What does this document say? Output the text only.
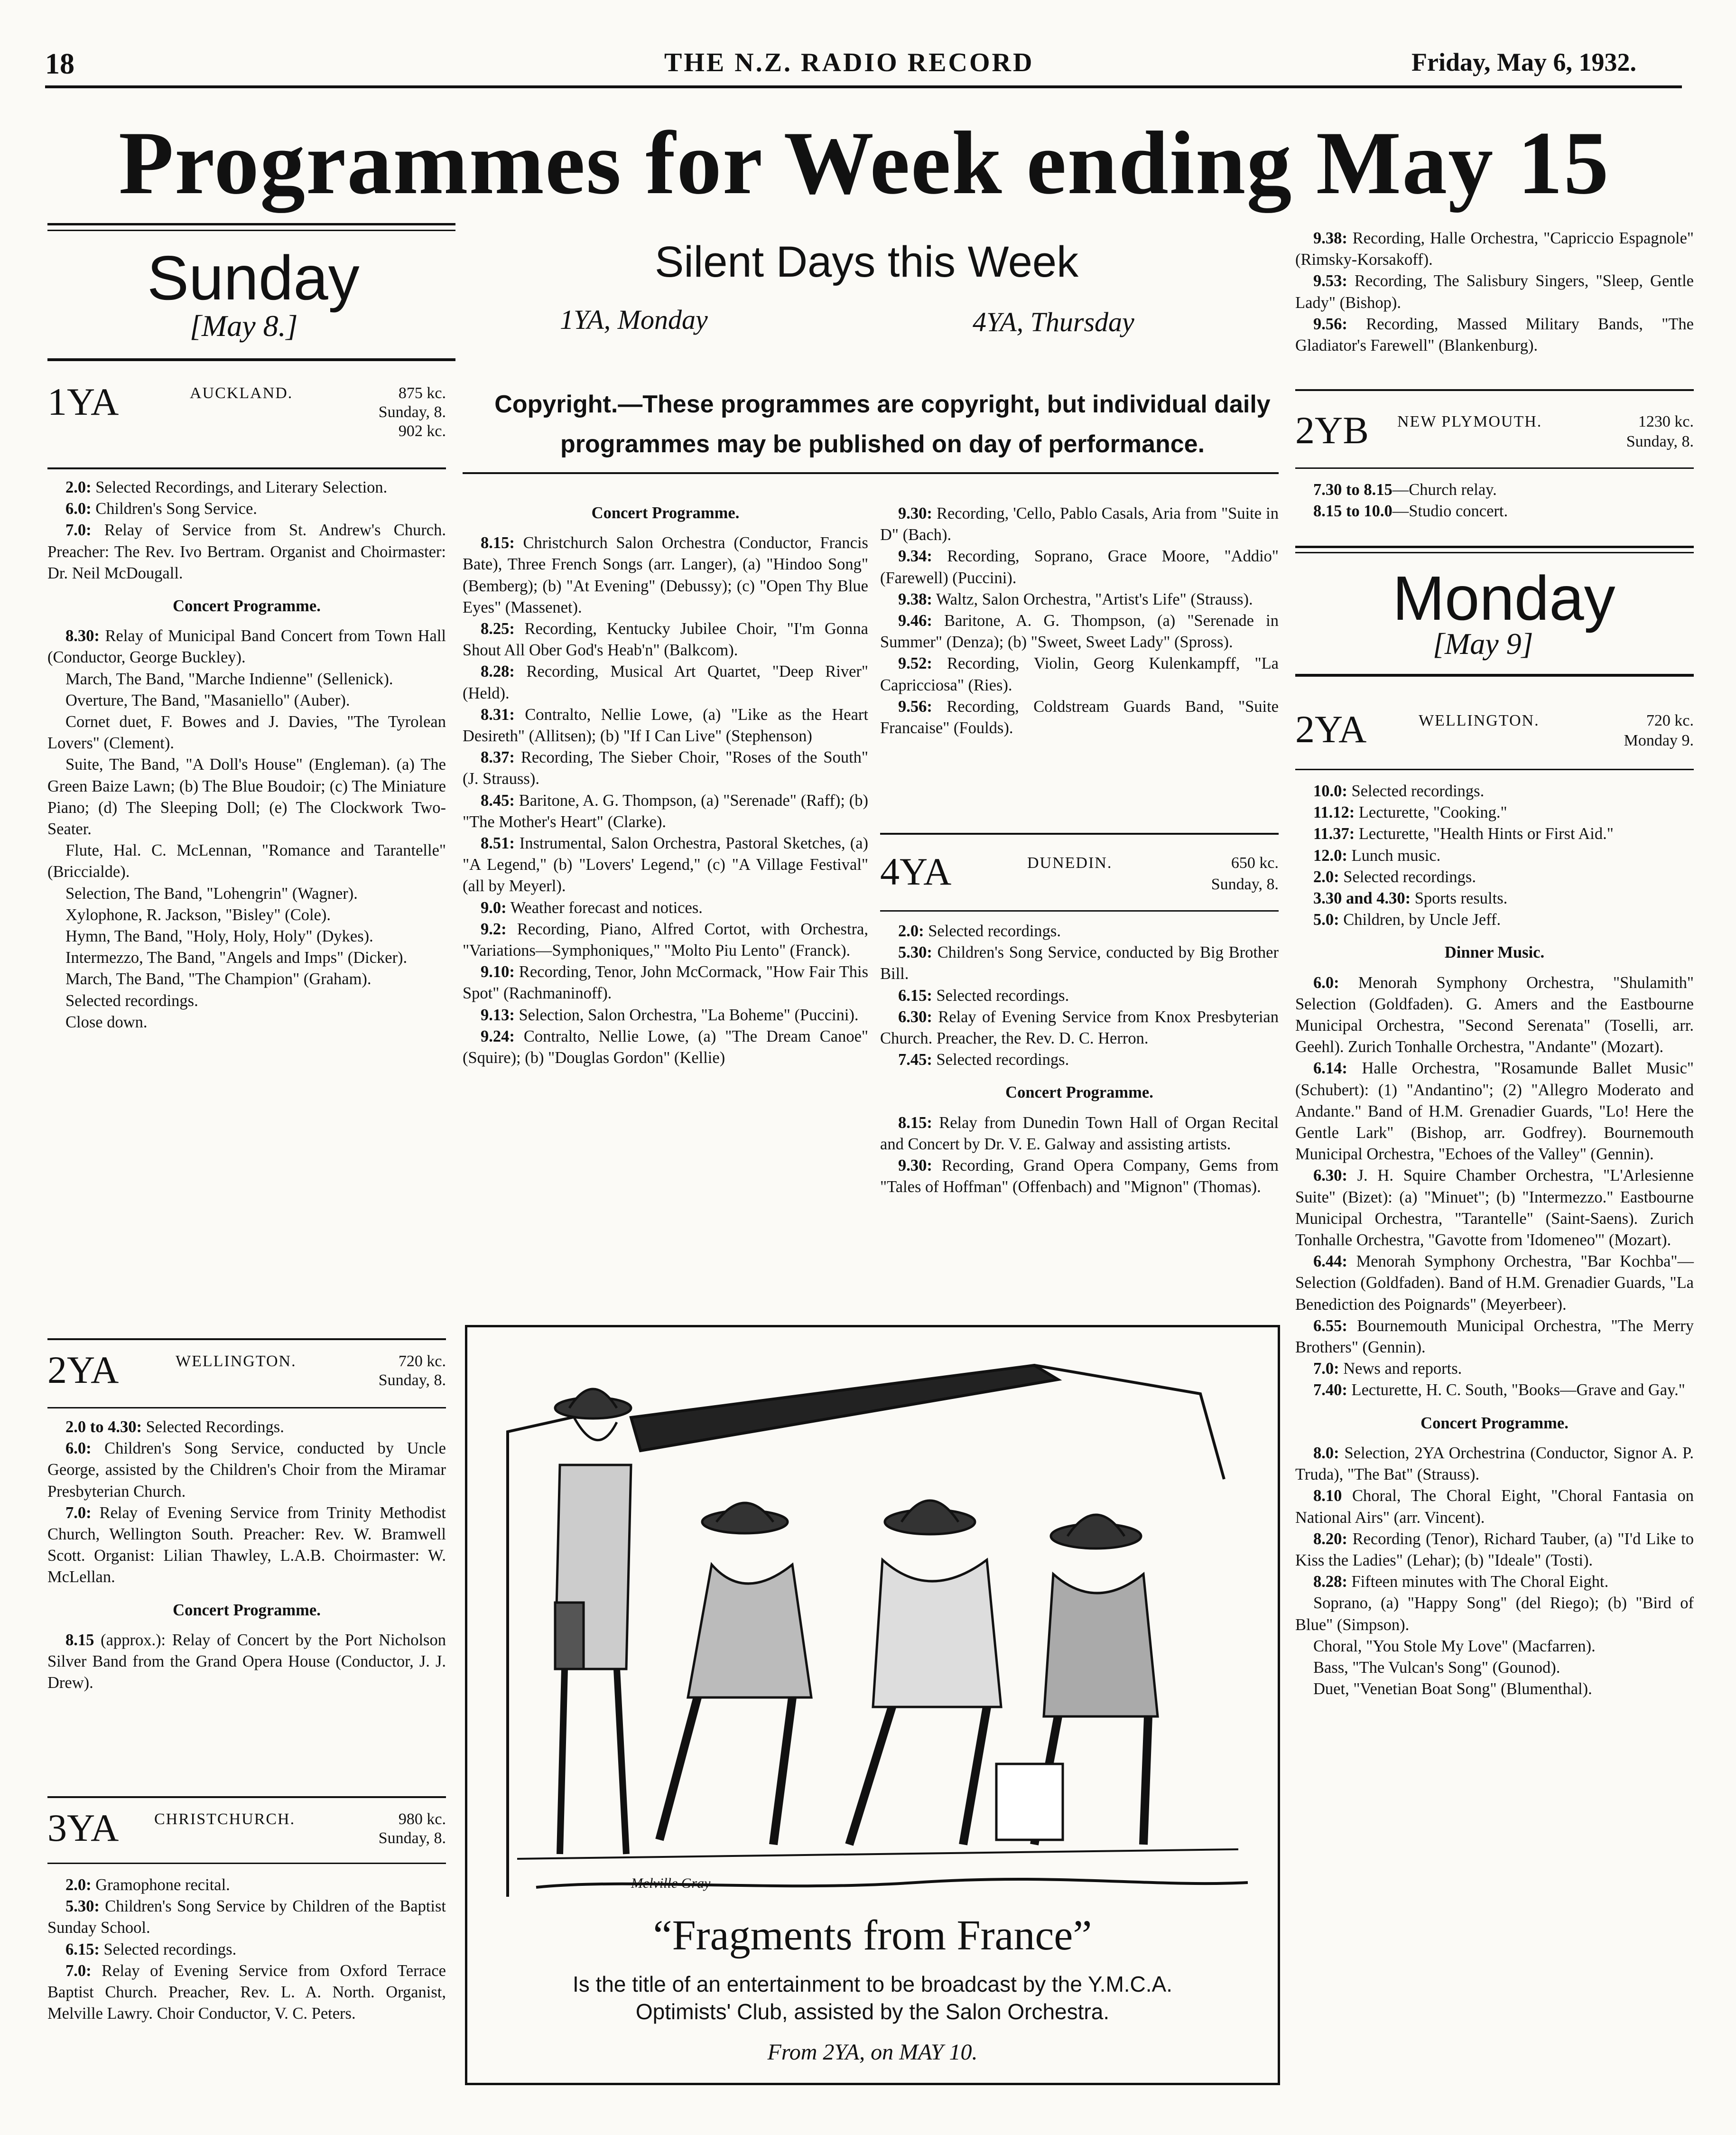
18	THE N.Z. RADIO RECORD	Friday, May 6, 1932.
Programmes for Week ending May 15
Sunday
[May 8.]
Silent Days this Week
1YA, Monday	4YA, Thursday
Copyright.—These programmes are copyright, but individual daily
programmes may be published on day of performance.
1YA	AUCKLAND.	875 kc.
Sunday, 8.
902 kc.

2.0: Selected Recordings, and Literary Selection.

6.0: Children's Song Service.

7.0: Relay of Service from St. Andrew's Church. Preacher: The Rev. Ivo Bertram. Organist and Choirmaster: Dr. Neil McDougall.

Concert Programme.

8.30: Relay of Municipal Band Concert from Town Hall (Conductor, George Buckley).

March, The Band, "Marche Indienne" (Sellenick).

Overture, The Band, "Masaniello" (Auber).

Cornet duet, F. Bowes and J. Davies, "The Tyrolean Lovers" (Clement).

Suite, The Band, "A Doll's House" (Engleman). (a) The Green Baize Lawn; (b) The Blue Boudoir; (c) The Miniature Piano; (d) The Sleeping Doll; (e) The Clockwork Two-Seater.

Flute, Hal. C. McLennan, "Romance and Tarantelle" (Briccialde).

Selection, The Band, "Lohengrin" (Wagner).

Xylophone, R. Jackson, "Bisley" (Cole).

Hymn, The Band, "Holy, Holy, Holy" (Dykes).

Intermezzo, The Band, "Angels and Imps" (Dicker).

March, The Band, "The Champion" (Graham).

Selected recordings.

Close down.

2YA	WELLINGTON.	720 kc.
Sunday, 8.

2.0 to 4.30: Selected Recordings.

6.0: Children's Song Service, conducted by Uncle George, assisted by the Children's Choir from the Miramar Presbyterian Church.

7.0: Relay of Evening Service from Trinity Methodist Church, Wellington South. Preacher: Rev. W. Bramwell Scott. Organist: Lilian Thawley, L.A.B. Choirmaster: W. McLellan.

Concert Programme.

8.15 (approx.): Relay of Concert by the Port Nicholson Silver Band from the Grand Opera House (Conductor, J. J. Drew).

3YA CHRISTCHURCH.	980 kc.
Sunday, 8.

2.0: Gramophone recital.

5.30: Children's Song Service by Children of the Baptist Sunday School.

6.15: Selected recordings.

7.0: Relay of Evening Service from Oxford Terrace Baptist Church. Preacher, Rev. L. A. North. Organist, Melville Lawry. Choir Conductor, V. C. Peters.

Concert Programme.

8.15: Christchurch Salon Orchestra (Conductor, Francis Bate), Three French Songs (arr. Langer), (a) "Hindoo Song" (Bemberg); (b) "At Evening" (Debussy); (c) "Open Thy Blue Eyes" (Massenet).

8.25: Recording, Kentucky Jubilee Choir, "I'm Gonna Shout All Ober God's Heab'n" (Balkcom).

8.28: Recording, Musical Art Quartet, "Deep River" (Held).

8.31: Contralto, Nellie Lowe, (a) "Like as the Heart Desireth" (Allitsen); (b) "If I Can Live" (Stephenson)

8.37: Recording, The Sieber Choir, "Roses of the South" (J. Strauss).

8.45: Baritone, A. G. Thompson, (a) "Serenade" (Raff); (b) "The Mother's Heart" (Clarke).

8.51: Instrumental, Salon Orchestra, Pastoral Sketches, (a) "A Legend," (b) "Lovers' Legend," (c) "A Village Festival" (all by Meyerl).

9.0: Weather forecast and notices.

9.2: Recording, Piano, Alfred Cortot, with Orchestra, "Variations—Symphoniques," "Molto Piu Lento" (Franck).

9.10: Recording, Tenor, John McCormack, "How Fair This Spot" (Rachmaninoff).

9.13: Selection, Salon Orchestra, "La Boheme" (Puccini).

9.24: Contralto, Nellie Lowe, (a) "The Dream Canoe" (Squire); (b) "Douglas Gordon" (Kellie)

9.30: Recording, 'Cello, Pablo Casals, Aria from "Suite in D" (Bach).

9.34: Recording, Soprano, Grace Moore, "Addio" (Farewell) (Puccini).

9.38: Waltz, Salon Orchestra, "Artist's Life" (Strauss).

9.46: Baritone, A. G. Thompson, (a) "Serenade in Summer" (Denza); (b) "Sweet, Sweet Lady" (Spross).

9.52: Recording, Violin, Georg Kulenkampff, "La Capricciosa" (Ries).

9.56: Recording, Coldstream Guards Band, "Suite Francaise" (Foulds).

4YA	DUNEDIN.	650 kc.
Sunday, 8.

2.0: Selected recordings.

5.30: Children's Song Service, conducted by Big Brother Bill.

6.15: Selected recordings.

6.30: Relay of Evening Service from Knox Presbyterian Church. Preacher, the Rev. D. C. Herron.

7.45: Selected recordings.

Concert Programme.

8.15: Relay from Dunedin Town Hall of Organ Recital and Concert by Dr. V. E. Galway and assisting artists.

9.30: Recording, Grand Opera Company, Gems from "Tales of Hoffman" (Offenbach) and "Mignon" (Thomas).

Melville Gray
“Fragments from France”
Is the title of an entertainment to be broadcast by the Y.M.C.A.
Optimists' Club, assisted by the Salon Orchestra.
From 2YA, on MAY 10.

9.38: Recording, Halle Orchestra, "Capriccio Espagnole" (Rimsky-Korsakoff).

9.53: Recording, The Salisbury Singers, "Sleep, Gentle Lady" (Bishop).

9.56: Recording, Massed Military Bands, "The Gladiator's Farewell" (Blankenburg).

2YB NEW PLYMOUTH.	1230 kc.
Sunday, 8.

7.30 to 8.15—Church relay.

8.15 to 10.0—Studio concert.

Monday
[May 9]
2YA	WELLINGTON.	720 kc.
Monday 9.

10.0: Selected recordings.

11.12: Lecturette, "Cooking."

11.37: Lecturette, "Health Hints or First Aid."

12.0: Lunch music.

2.0: Selected recordings.

3.30 and 4.30: Sports results.

5.0: Children, by Uncle Jeff.

Dinner Music.

6.0: Menorah Symphony Orchestra, "Shulamith" Selection (Goldfaden). G. Amers and the Eastbourne Municipal Orchestra, "Second Serenata" (Toselli, arr. Geehl). Zurich Tonhalle Orchestra, "Andante" (Mozart).

6.14: Halle Orchestra, "Rosamunde Ballet Music" (Schubert): (1) "Andantino"; (2) "Allegro Moderato and Andante." Band of H.M. Grenadier Guards, "Lo! Here the Gentle Lark" (Bishop, arr. Godfrey). Bournemouth Municipal Orchestra, "Echoes of the Valley" (Gennin).

6.30: J. H. Squire Chamber Orchestra, "L'Arlesienne Suite" (Bizet): (a) "Minuet"; (b) "Intermezzo." Eastbourne Municipal Orchestra, "Tarantelle" (Saint-Saens). Zurich Tonhalle Orchestra, "Gavotte from 'Idomeneo'" (Mozart).

6.44: Menorah Symphony Orchestra, "Bar Kochba"—Selection (Goldfaden). Band of H.M. Grenadier Guards, "La Benediction des Poignards" (Meyerbeer).

6.55: Bournemouth Municipal Orchestra, "The Merry Brothers" (Gennin).

7.0: News and reports.

7.40: Lecturette, H. C. South, "Books—Grave and Gay."

Concert Programme.

8.0: Selection, 2YA Orchestrina (Conductor, Signor A. P. Truda), "The Bat" (Strauss).

8.10 Choral, The Choral Eight, "Choral Fantasia on National Airs" (arr. Vincent).

8.20: Recording (Tenor), Richard Tauber, (a) "I'd Like to Kiss the Ladies" (Lehar); (b) "Ideale" (Tosti).

8.28: Fifteen minutes with The Choral Eight.

Soprano, (a) "Happy Song" (del Riego); (b) "Bird of Blue" (Simpson).

Choral, "You Stole My Love" (Macfarren).

Bass, "The Vulcan's Song" (Gounod).

Duet, "Venetian Boat Song" (Blumenthal).
